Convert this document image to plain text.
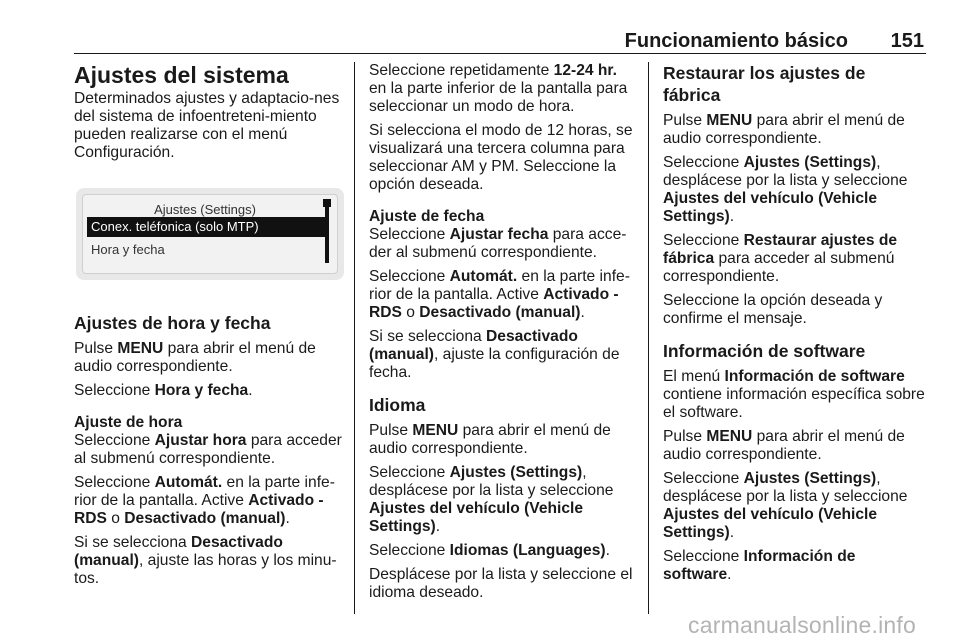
Funcionamiento básico 151
Ajustes del sistema

Determinados ajustes y adaptacio-nes del sistema de infoentreteni-miento pueden realizarse con el menú Configuración.

Ajustes (Settings)
Conex. teléfonica (solo MTP)
Hora y fecha
Ajustes de hora y fecha

Pulse MENU para abrir el menú de audio correspondiente.

Seleccione Hora y fecha.

Ajuste de hora

Seleccione Ajustar hora para acceder al submenú correspondiente.

Seleccione Automát. en la parte infe-rior de la pantalla. Active Activado - RDS o Desactivado (manual).

Si se selecciona Desactivado (manual), ajuste las horas y los minu-tos.

Seleccione repetidamente 12-24 hr. en la parte inferior de la pantalla para seleccionar un modo de hora.

Si selecciona el modo de 12 horas, se visualizará una tercera columna para seleccionar AM y PM. Seleccione la opción deseada.

Ajuste de fecha

Seleccione Ajustar fecha para acce-der al submenú correspondiente.

Seleccione Automát. en la parte infe-rior de la pantalla. Active Activado - RDS o Desactivado (manual).

Si se selecciona Desactivado (manual), ajuste la configuración de fecha.

Idioma

Pulse MENU para abrir el menú de audio correspondiente.

Seleccione Ajustes (Settings), desplácese por la lista y seleccione Ajustes del vehículo (Vehicle Settings).

Seleccione Idiomas (Languages).

Desplácese por la lista y seleccione el idioma deseado.

Restaurar los ajustes de fábrica

Pulse MENU para abrir el menú de audio correspondiente.

Seleccione Ajustes (Settings), desplácese por la lista y seleccione Ajustes del vehículo (Vehicle Settings).

Seleccione Restaurar ajustes de fábrica para acceder al submenú correspondiente.

Seleccione la opción deseada y confirme el mensaje.

Información de software

El menú Información de software contiene información específica sobre el software.

Pulse MENU para abrir el menú de audio correspondiente.

Seleccione Ajustes (Settings), desplácese por la lista y seleccione Ajustes del vehículo (Vehicle Settings).

Seleccione Información de software.

carmanualsonline.info
